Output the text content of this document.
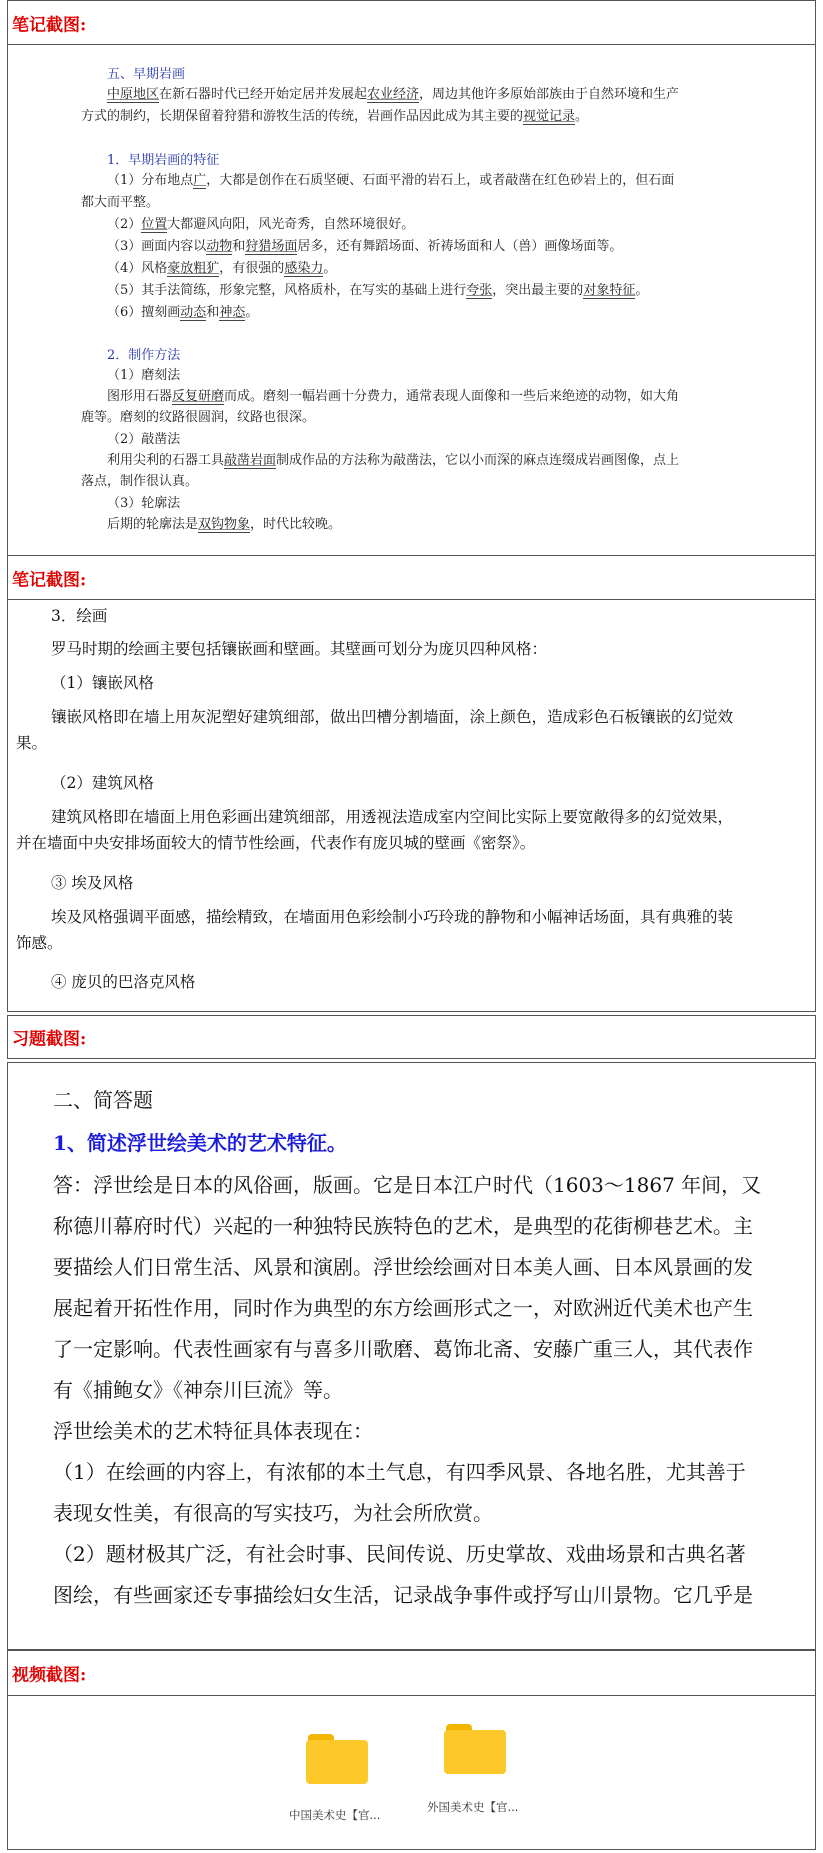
笔记截图:
五、早期岩画
中原地区在新石器时代已经开始定居并发展起农业经济，周边其他许多原始部族由于自然环境和生产
方式的制约，长期保留着狩猎和游牧生活的传统，岩画作品因此成为其主要的视觉记录。
1．早期岩画的特征
（1）分布地点广，大都是创作在石质坚硬、石面平滑的岩石上，或者敲凿在红色砂岩上的，但石面
都大而平整。
（2）位置大都避风向阳，风光奇秀，自然环境很好。
（3）画面内容以动物和狩猎场面居多，还有舞蹈场面、祈祷场面和人（兽）画像场面等。
（4）风格豪放粗犷，有很强的感染力。
（5）其手法简练，形象完整，风格质朴，在写实的基础上进行夸张，突出最主要的对象特征。
（6）擅刻画动态和神态。
2．制作方法
（1）磨刻法
图形用石器反复研磨而成。磨刻一幅岩画十分费力，通常表现人面像和一些后来绝迹的动物，如大角
鹿等。磨刻的纹路很圆润，纹路也很深。
（2）敲凿法
利用尖利的石器工具敲凿岩面制成作品的方法称为敲凿法，它以小而深的麻点连缀成岩画图像，点上
落点，制作很认真。
（3）轮廓法
后期的轮廓法是双钩物象，时代比较晚。
笔记截图:
3．绘画
罗马时期的绘画主要包括镶嵌画和壁画。其壁画可划分为庞贝四种风格：
（1）镶嵌风格
镶嵌风格即在墙上用灰泥塑好建筑细部，做出凹槽分割墙面，涂上颜色，造成彩色石板镶嵌的幻觉效
果。
（2）建筑风格
建筑风格即在墙面上用色彩画出建筑细部，用透视法造成室内空间比实际上要宽敞得多的幻觉效果，
并在墙面中央安排场面较大的情节性绘画，代表作有庞贝城的壁画《密祭》。
③ 埃及风格
埃及风格强调平面感，描绘精致，在墙面用色彩绘制小巧玲珑的静物和小幅神话场面，具有典雅的装
饰感。
④ 庞贝的巴洛克风格
习题截图:
二、简答题
1、简述浮世绘美术的艺术特征。
答：浮世绘是日本的风俗画，版画。它是日本江户时代（1603～1867 年间，又
称德川幕府时代）兴起的一种独特民族特色的艺术，是典型的花街柳巷艺术。主
要描绘人们日常生活、风景和演剧。浮世绘绘画对日本美人画、日本风景画的发
展起着开拓性作用，同时作为典型的东方绘画形式之一，对欧洲近代美术也产生
了一定影响。代表性画家有与喜多川歌磨、葛饰北斋、安藤广重三人，其代表作
有《捕鲍女》《神奈川巨流》等。
浮世绘美术的艺术特征具体表现在：
（1）在绘画的内容上，有浓郁的本土气息，有四季风景、各地名胜，尤其善于
表现女性美，有很高的写实技巧，为社会所欣赏。
（2）题材极其广泛，有社会时事、民间传说、历史掌故、戏曲场景和古典名著
图绘，有些画家还专事描绘妇女生活，记录战争事件或抒写山川景物。它几乎是
视频截图:
中国美术史【官...
外国美术史【官...
